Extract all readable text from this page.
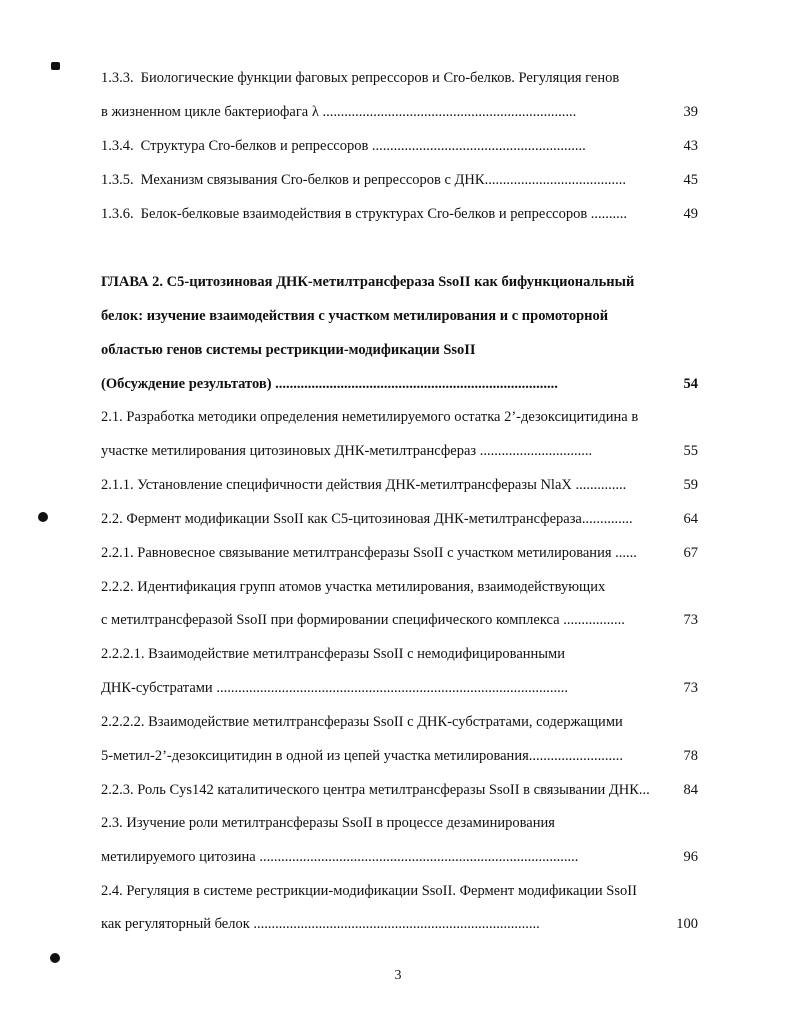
1.3.3. Биологические функции фаговых репрессоров и Cro-белков. Регуляция генов
в жизненном цикле бактериофага λ ......................................................................	39
1.3.4. Структура Cro-белков и репрессоров ...........................................................	43
1.3.5. Механизм связывания Cro-белков и репрессоров с ДНК.......................................	45
1.3.6. Белок-белковые взаимодействия в структурах Cro-белков и репрессоров ..........	49
ГЛАВА 2. C5-цитозиновая ДНК-метилтрансфераза SsoII как бифункциональный
белок: изучение взаимодействия с участком метилирования и с промоторной
областью генов системы рестрикции-модификации SsoII
(Обсуждение результатов) ..............................................................................	54
2.1. Разработка методики определения неметилируемого остатка 2’-дезоксицитидина в
участке метилирования цитозиновых ДНК-метилтрансфераз ...............................	55
2.1.1. Установление специфичности действия ДНК-метилтрансферазы NlaX ..............	59
2.2. Фермент модификации SsoII как C5-цитозиновая ДНК-метилтрансфераза..............	64
2.2.1. Равновесное связывание метилтрансферазы SsoII с участком метилирования ......	67
2.2.2. Идентификация групп атомов участка метилирования, взаимодействующих
с метилтрансферазой SsoII при формировании специфического комплекса .................	73
2.2.2.1. Взаимодействие метилтрансферазы SsoII с немодифицированными
ДНК-субстратами .................................................................................................	73
2.2.2.2. Взаимодействие метилтрансферазы SsoII с ДНК-субстратами, содержащими
5-метил-2’-дезоксицитидин в одной из цепей участка метилирования..........................	78
2.2.3. Роль Cys142 каталитического центра метилтрансферазы SsoII в связывании ДНК...	84
2.3. Изучение роли метилтрансферазы SsoII в процессе дезаминирования
метилируемого цитозина ........................................................................................	96
2.4. Регуляция в системе рестрикции-модификации SsoII. Фермент модификации SsoII
как регуляторный белок ...............................................................................	100
3
